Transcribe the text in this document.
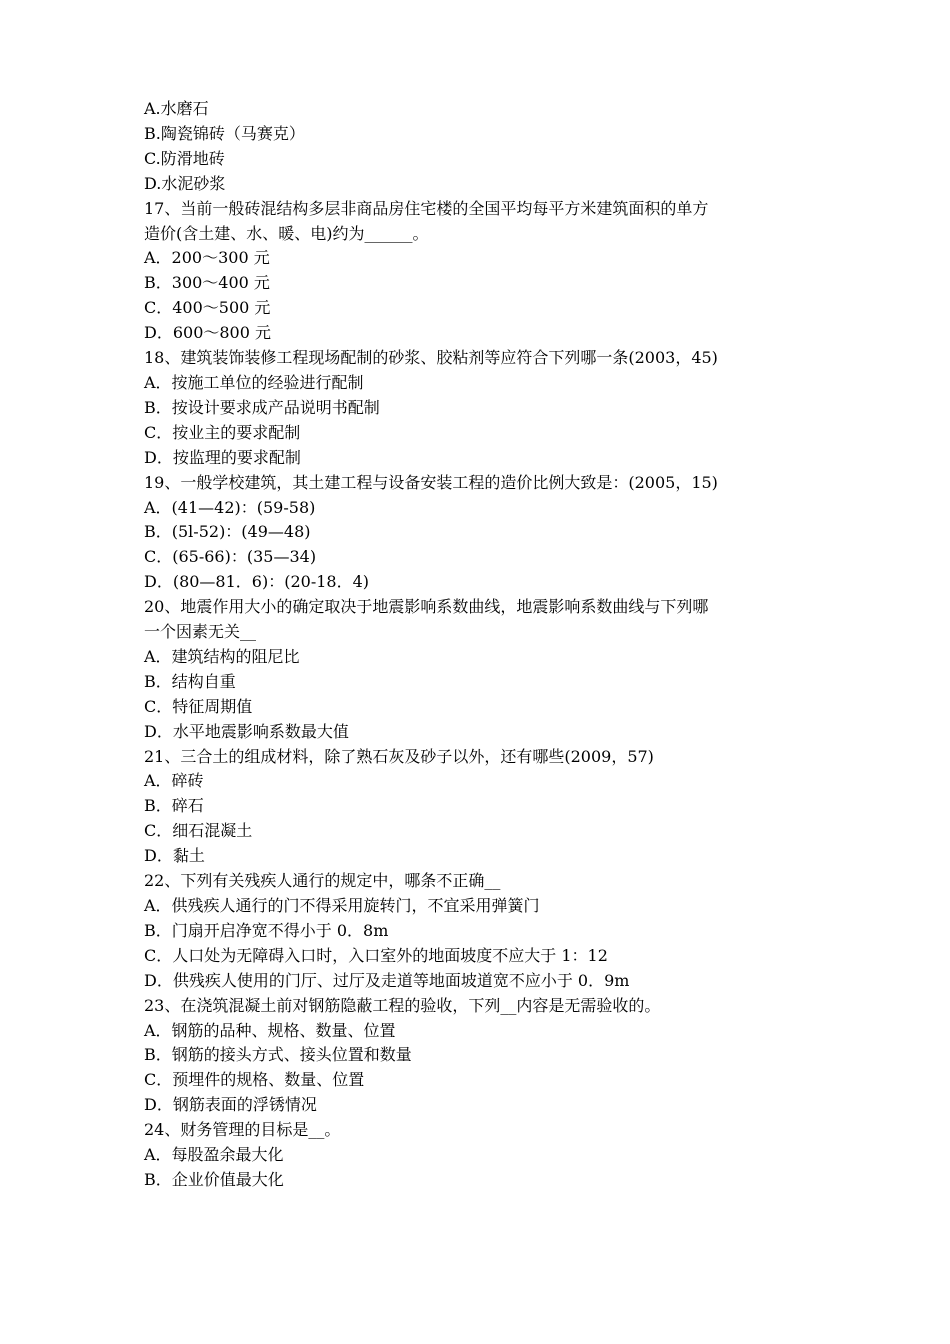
A.水磨石

B.陶瓷锦砖（马赛克）

C.防滑地砖

D.水泥砂浆

17、当前一般砖混结构多层非商品房住宅楼的全国平均每平方米建筑面积的单方

造价(含土建、水、暖、电)约为______。

A．200～300 元

B．300～400 元

C．400～500 元

D．600～800 元

18、建筑装饰装修工程现场配制的砂浆、胶粘剂等应符合下列哪一条(2003，45)

A．按施工单位的经验进行配制

B．按设计要求成产品说明书配制

C．按业主的要求配制

D．按监理的要求配制

19、一般学校建筑，其土建工程与设备安装工程的造价比例大致是：(2005，15)

A．(41—42)：(59-58)

B．(5l-52)：(49—48)

C．(65-66)：(35—34)

D．(80—81．6)：(20-18．4)

20、地震作用大小的确定取决于地震影响系数曲线，地震影响系数曲线与下列哪

一个因素无关__

A．建筑结构的阻尼比

B．结构自重

C．特征周期值

D．水平地震影响系数最大值

21、三合土的组成材料，除了熟石灰及砂子以外，还有哪些(2009，57)

A．碎砖

B．碎石

C．细石混凝土

D．黏土

22、下列有关残疾人通行的规定中，哪条不正确__

A．供残疾人通行的门不得采用旋转门，不宜采用弹簧门

B．门扇开启净宽不得小于 0．8m

C．人口处为无障碍入口时，入口室外的地面坡度不应大于 1：12

D．供残疾人使用的门厅、过厅及走道等地面坡道宽不应小于 0．9m

23、在浇筑混凝土前对钢筋隐蔽工程的验收，下列__内容是无需验收的。

A．钢筋的品种、规格、数量、位置

B．钢筋的接头方式、接头位置和数量

C．预埋件的规格、数量、位置

D．钢筋表面的浮锈情况

24、财务管理的目标是__。

A．每股盈余最大化

B．企业价值最大化
